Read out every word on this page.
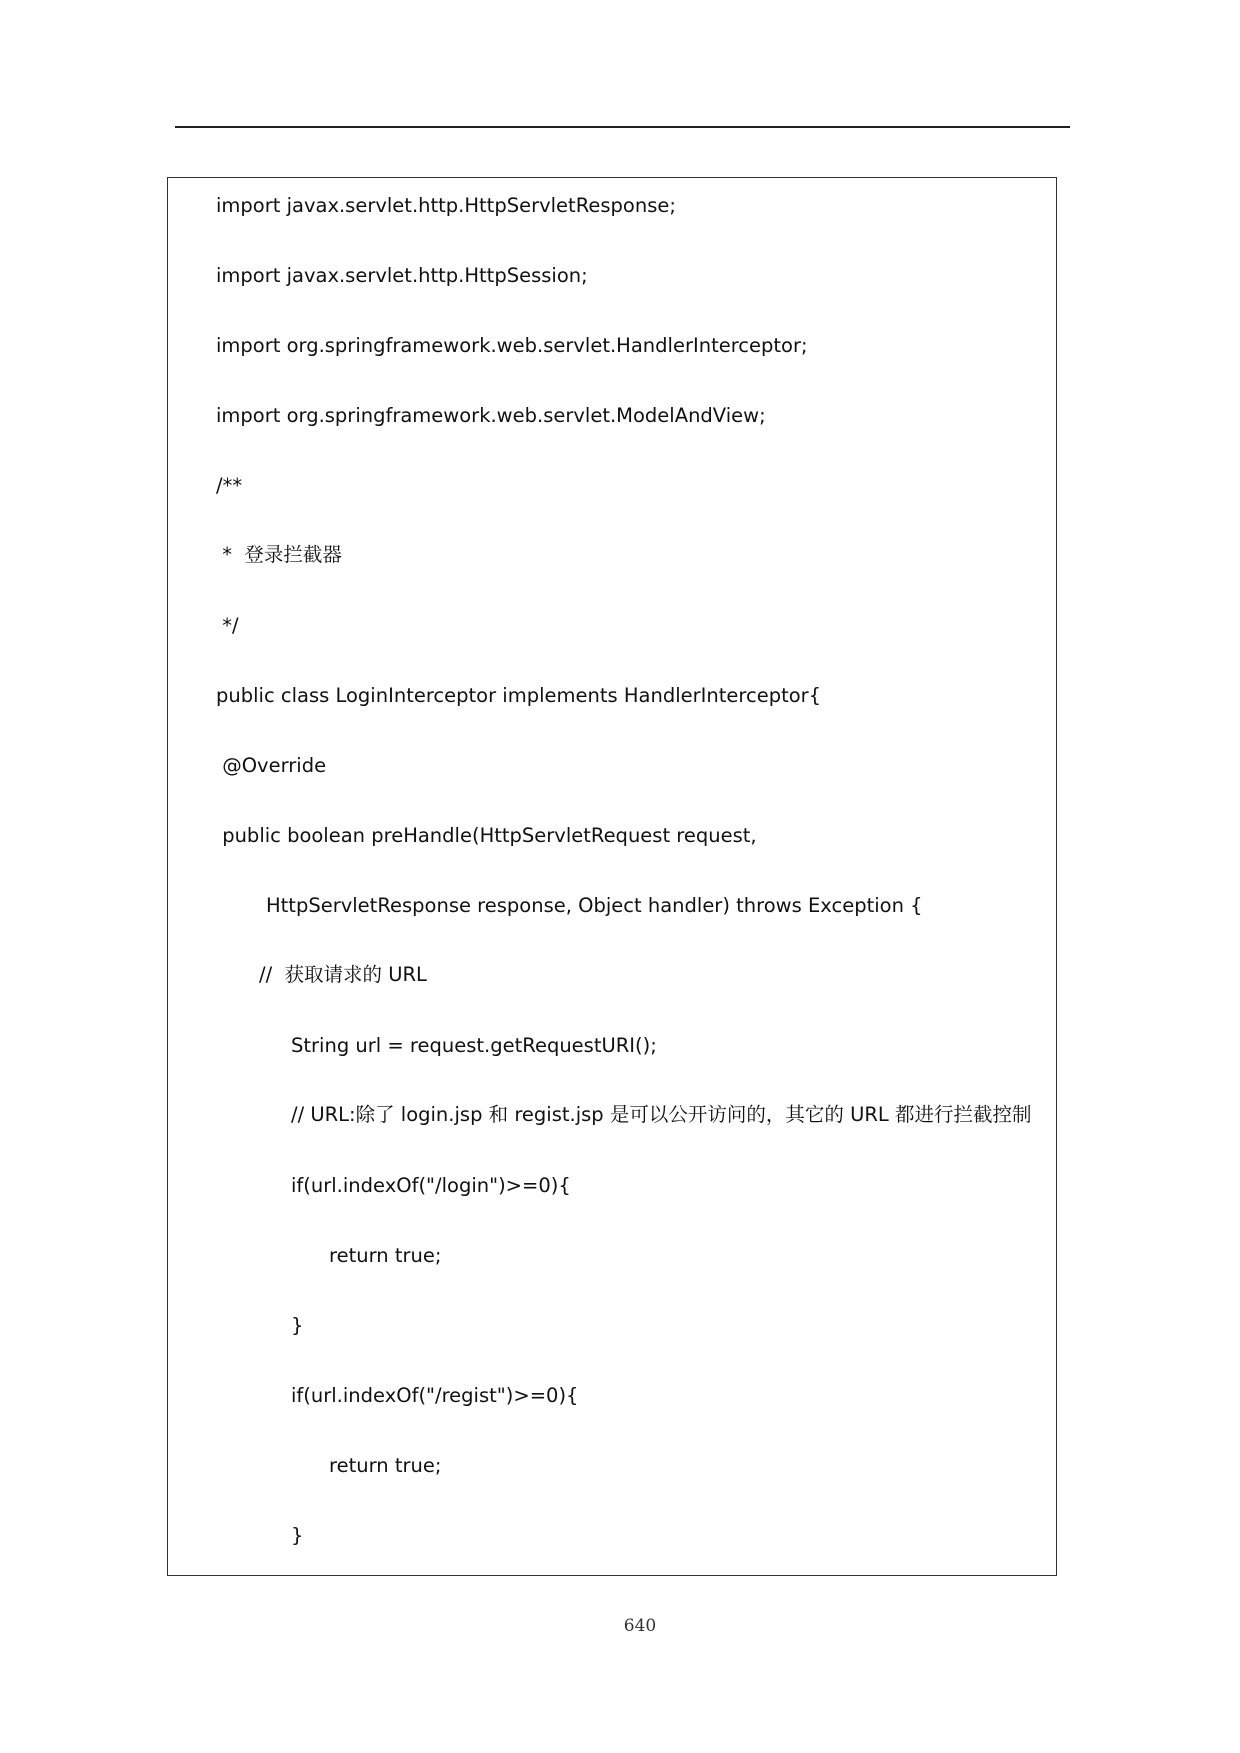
import javax.servlet.http.HttpServletResponse;
import javax.servlet.http.HttpSession;
import org.springframework.web.servlet.HandlerInterceptor;
import org.springframework.web.servlet.ModelAndView;
/**
*  登录拦截器
*/
public class LoginInterceptor implements HandlerInterceptor{
@Override
public boolean preHandle(HttpServletRequest request,
HttpServletResponse response, Object handler) throws Exception {
//  获取请求的 URL
String url = request.getRequestURI();
// URL:除了 login.jsp 和 regist.jsp 是可以公开访问的，其它的 URL 都进行拦截控制
if(url.indexOf("/login")>=0){
return true;
}
if(url.indexOf("/regist")>=0){
return true;
}
640
